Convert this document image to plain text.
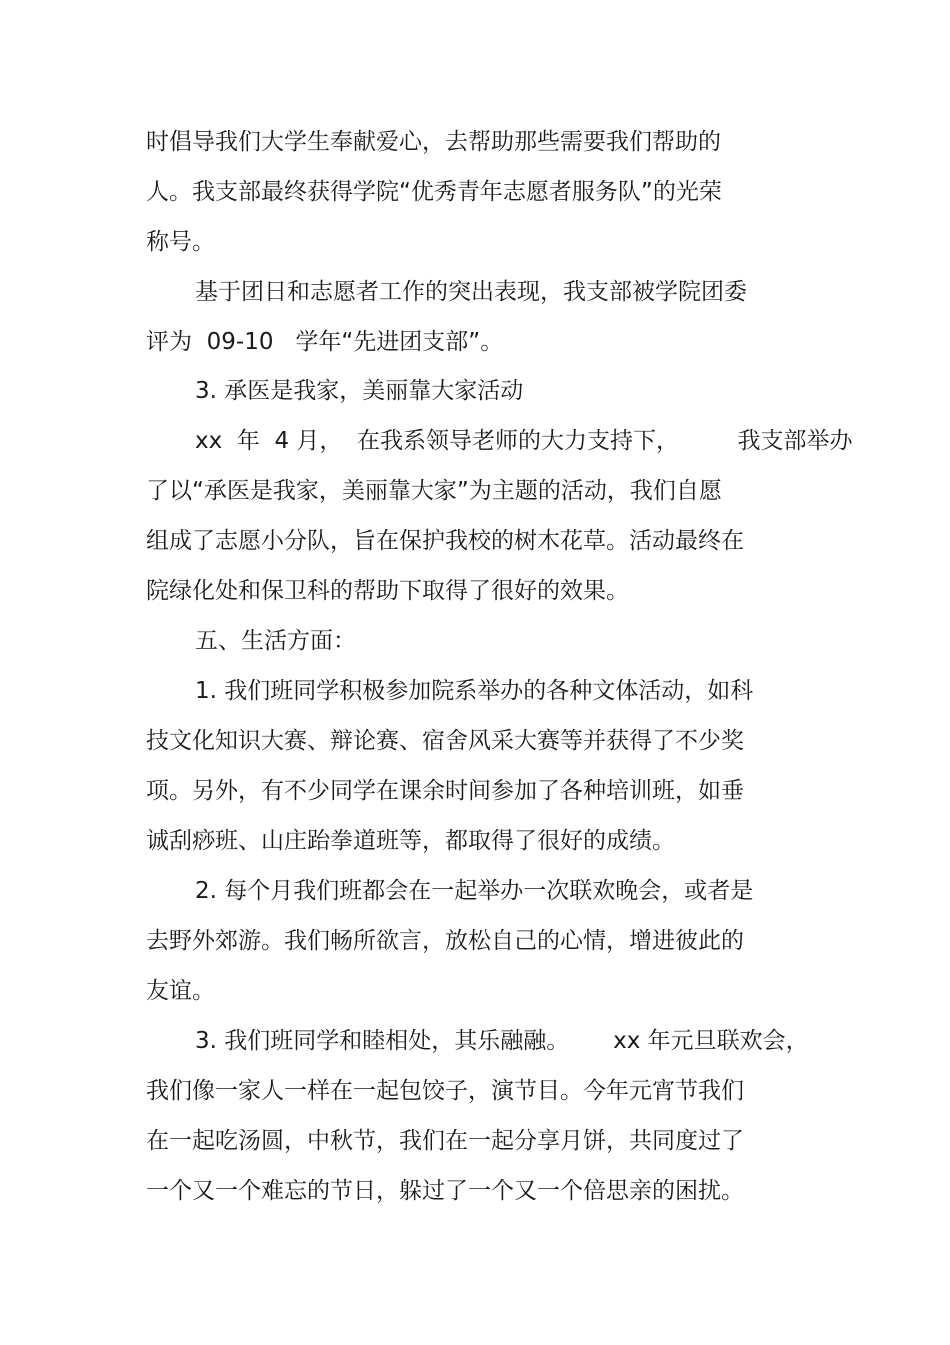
时倡导我们大学生奉献爱心，去帮助那些需要我们帮助的

人。我支部最终获得学院“优秀青年志愿者服务队”的光荣

称号。

基于团日和志愿者工作的突出表现，我支部被学院团委

评为  09-10   学年“先进团支部”。

3. 承医是我家，美丽靠大家活动

xx  年  4 月，  在我系领导老师的大力支持下，        我支部举办

了以“承医是我家，美丽靠大家”为主题的活动，我们自愿

组成了志愿小分队，旨在保护我校的树木花草。活动最终在

院绿化处和保卫科的帮助下取得了很好的效果。

五、生活方面：

1. 我们班同学积极参加院系举办的各种文体活动，如科

技文化知识大赛、辩论赛、宿舍风采大赛等并获得了不少奖

项。另外，有不少同学在课余时间参加了各种培训班，如垂

诚刮痧班、山庄跆拳道班等，都取得了很好的成绩。

2. 每个月我们班都会在一起举办一次联欢晚会，或者是

去野外郊游。我们畅所欲言，放松自己的心情，增进彼此的

友谊。

3. 我们班同学和睦相处，其乐融融。      xx 年元旦联欢会，

我们像一家人一样在一起包饺子，演节目。今年元宵节我们

在一起吃汤圆，中秋节，我们在一起分享月饼，共同度过了

一个又一个难忘的节日，躲过了一个又一个倍思亲的困扰。
